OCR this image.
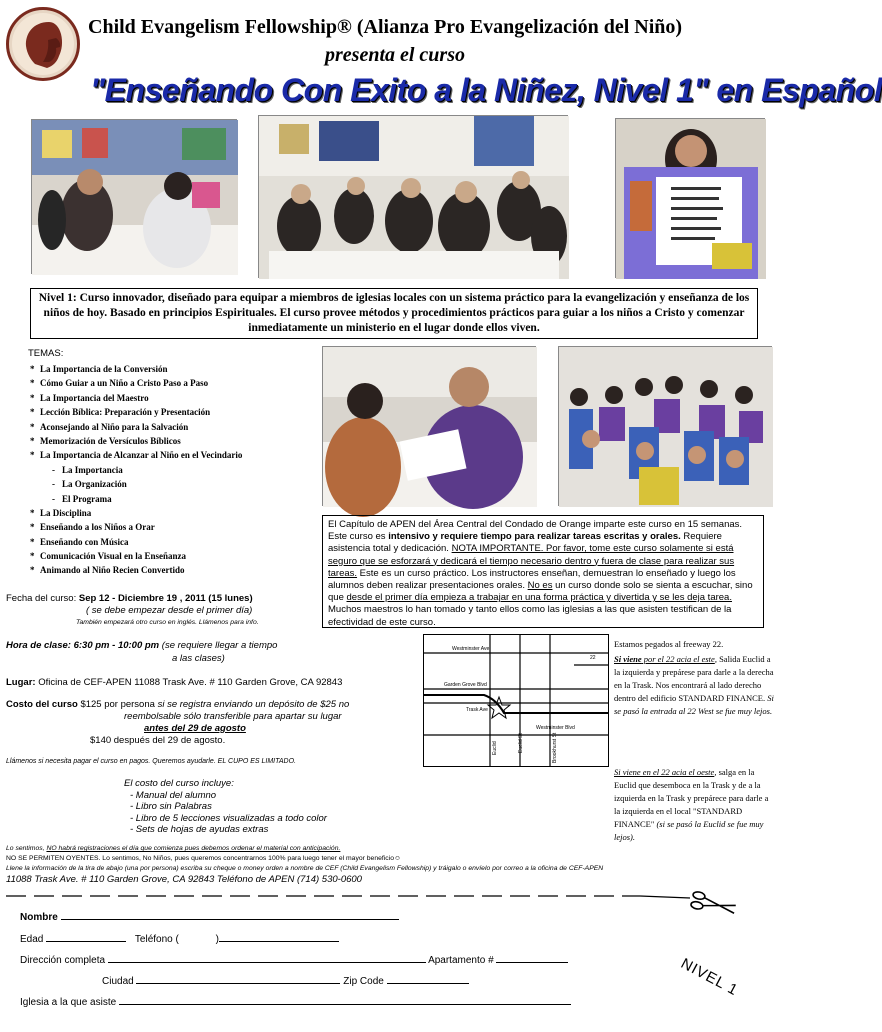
Child Evangelism Fellowship® (Alianza Pro Evangelización del Niño)
presenta el curso
"Enseñando Con Exito a la Niñez, Nivel 1" en Español
Nivel 1: Curso innovador, diseñado para equipar a miembros de iglesias locales con un sistema práctico para la evangelización y enseñanza de los niños de hoy. Basado en principios Espirituales. El curso provee métodos y procedimientos prácticos para guiar a los niños a Cristo y comenzar inmediatamente un ministerio en el lugar donde ellos viven.
TEMAS:
* La Importancia de la Conversión
* Cómo Guiar a un Niño a Cristo Paso a Paso
* La Importancia del Maestro
* Lección Bíblica: Preparación y Presentación
* Aconsejando al Niño para la Salvación
* Memorización de Versículos Bíblicos
* La Importancia de Alcanzar al Niño en el Vecindario
- La Importancia
- La Organización
- El Programa
* La Disciplina
* Enseñando a los Niños a Orar
* Enseñando con Música
* Comunicación Visual en la Enseñanza
* Animando al Niño Recien Convertido
El Capítulo de APEN del Área Central del Condado de Orange imparte este curso en 15 semanas. Este curso es intensivo y requiere tiempo para realizar tareas escritas y orales. Requiere asistencia total y dedicación. NOTA IMPORTANTE. Por favor, tome este curso solamente si está seguro que se esforzará y dedicará el tiempo necesario dentro y fuera de clase para realizar sus tareas. Este es un curso práctico. Los instructores enseñan, demuestran lo enseñado y luego los alumnos deben realizar presentaciones orales. No es un curso donde solo se sienta a escuchar, sino que desde el primer día empieza a trabajar en una forma práctica y divertida y se les deja tarea. Muchos maestros lo han tomado y tanto ellos como las iglesias a las que asisten testifican de la efectividad de este curso.
Fecha del curso: Sep 12 - Diciembre 19 , 2011 (15 lunes)
( se debe empezar desde el primer día)
También empezará otro curso en inglés. Llámenos para info.
Hora de clase: 6:30 pm - 10:00 pm (se requiere llegar a tiempo
a las clases)
Lugar: Oficina de CEF-APEN 11088 Trask Ave. # 110 Garden Grove, CA 92843
Costo del curso $125 por persona si se registra enviando un depósito de $25 no
reembolsable sólo transferible para apartar su lugar
antes del 29 de agosto
$140 después del 29 de agosto.
Llámenos si necesita pagar el curso en pagos. Queremos ayudarle. EL CUPO ES LIMITADO.
El costo del curso incluye:
- Manual del alumno
- Libro sin Palabras
- Libro de 5 lecciones visualizadas a todo color
- Sets de hojas de ayudas extras
Lo sentimos, NO habrá registraciones el día que comienza pues debemos ordenar el material con anticipación.
NO SE PERMITEN OYENTES. Lo sentimos, No Niños, pues queremos concentrarnos 100% para luego tener el mayor beneficio☺
Llene la información de la tira de abajo (una por persona) escriba su cheque o money orden a nombre de CEF (Child Evangelism Fellowship) y tráigalo o envíelo por correo a la oficina de CEF-APEN
11088 Trask Ave. # 110 Garden Grove, CA 92843 Teléfono de APEN (714) 530-0600
Westminster Ave
Garden Grove Blvd
Trask Ave
Westminster Blvd
Euclid St
Euclid	Brookhurst St
22
Estamos pegados al freeway 22.
Si viene por el 22 acia el este, Salida Euclid a la izquierda y prepárese para darle a la derecha en la Trask. Nos encontrará al lado derecho dentro del edificio STANDARD FINANCE. Si se pasó la entrada al 22 West se fue muy lejos.
Si viene en el 22 acia el oeste, salga en la Euclid que desemboca en la Trask y de a la izquierda en la Trask y prepárece para darle a la izquierda en el local "STANDARD FINANCE" (si se pasó la Euclid se fue muy lejos).
Nombre
Edad	Teléfono (	)
Dirección completa	Apartamento #
Ciudad	Zip Code
Iglesia a la que asiste
NIVEL 1
